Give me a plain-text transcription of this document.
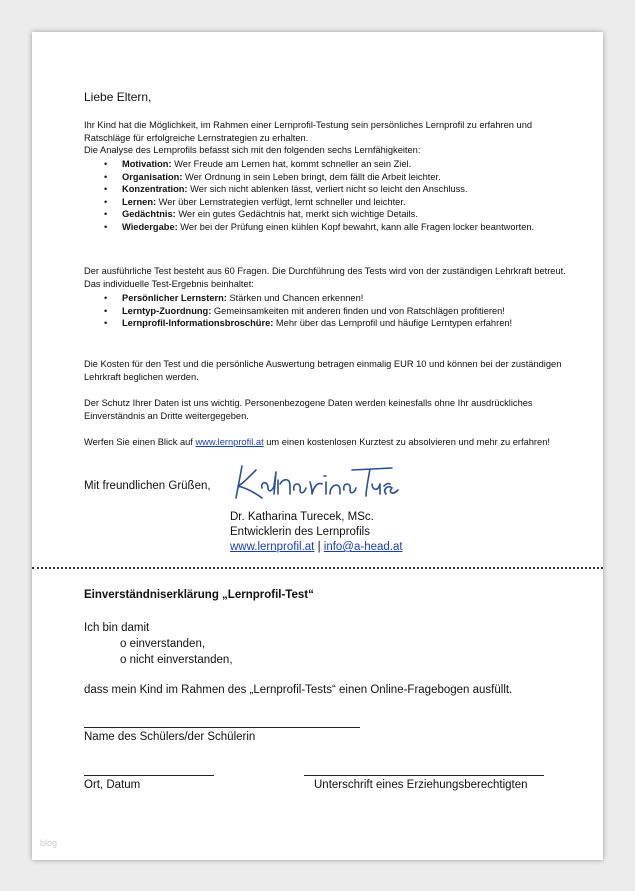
Liebe Eltern,
Ihr Kind hat die Möglichkeit, im Rahmen einer Lernprofil-Testung sein persönliches Lernprofil zu erfahren und Ratschläge für erfolgreiche Lernstrategien zu erhalten.
Die Analyse des Lernprofils befasst sich mit den folgenden sechs Lernfähigkeiten:
• Motivation: Wer Freude am Lernen hat, kommt schneller an sein Ziel.
• Organisation: Wer Ordnung in sein Leben bringt, dem fällt die Arbeit leichter.
• Konzentration: Wer sich nicht ablenken lässt, verliert nicht so leicht den Anschluss.
• Lernen: Wer über Lernstrategien verfügt, lernt schneller und leichter.
• Gedächtnis: Wer ein gutes Gedächtnis hat, merkt sich wichtige Details.
• Wiedergabe: Wer bei der Prüfung einen kühlen Kopf bewahrt, kann alle Fragen locker beantworten.
Der ausführliche Test besteht aus 60 Fragen. Die Durchführung des Tests wird von der zuständigen Lehrkraft betreut. Das individuelle Test-Ergebnis beinhaltet:
• Persönlicher Lernstern: Stärken und Chancen erkennen!
• Lerntyp-Zuordnung: Gemeinsamkeiten mit anderen finden und von Ratschlägen profitieren!
• Lernprofil-Informationsbroschüre: Mehr über das Lernprofil und häufige Lerntypen erfahren!
Die Kosten für den Test und die persönliche Auswertung betragen einmalig EUR 10 und können bei der zuständigen Lehrkraft beglichen werden.
Der Schutz Ihrer Daten ist uns wichtig. Personenbezogene Daten werden keinesfalls ohne Ihr ausdrückliches Einverständnis an Dritte weitergegeben.
Werfen Sie einen Blick auf www.lernprofil.at um einen kostenlosen Kurztest zu absolvieren und mehr zu erfahren!
Mit freundlichen Grüßen,
Dr. Katharina Turecek, MSc.
Entwicklerin des Lernprofils
www.lernprofil.at | info@a-head.at
Einverständniserklärung „Lernprofil-Test“
Ich bin damit
o einverstanden,
o nicht einverstanden,
dass mein Kind im Rahmen des „Lernprofil-Tests“ einen Online-Fragebogen ausfüllt.
Name des Schülers/der Schülerin
Ort, Datum	Unterschrift eines Erziehungsberechtigten
blog
